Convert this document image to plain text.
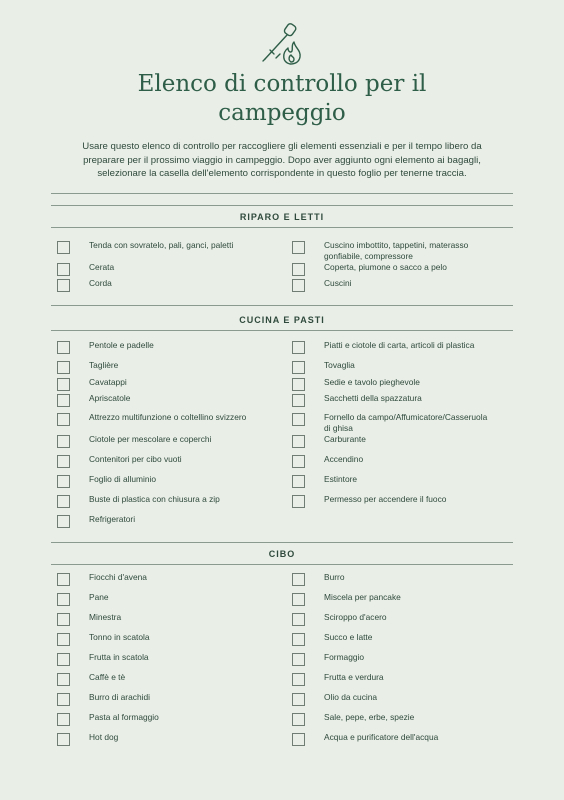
Elenco di controllo per il
campeggio

Usare questo elenco di controllo per raccogliere gli elementi essenziali e per il tempo libero da preparare per il prossimo viaggio in campeggio. Dopo aver aggiunto ogni elemento ai bagagli, selezionare la casella dell'elemento corrispondente in questo foglio per tenerne traccia.

RIPARO E LETTI
Tenda con sovratelo, pali, ganci, paletti
Cerata
Corda
Cuscino imbottito, tappetini, materasso gonfiabile, compressore
Coperta, piumone o sacco a pelo
Cuscini
CUCINA E PASTI
Pentole e padelle
Taglière
Cavatappi
Apriscatole
Attrezzo multifunzione o coltellino svizzero
Ciotole per mescolare e coperchi
Contenitori per cibo vuoti
Foglio di alluminio
Buste di plastica con chiusura a zip
Refrigeratori
Piatti e ciotole di carta, articoli di plastica
Tovaglia
Sedie e tavolo pieghevole
Sacchetti della spazzatura
Fornello da campo/Affumicatore/Casseruola di ghisa
Carburante
Accendino
Estintore
Permesso per accendere il fuoco
CIBO
Fiocchi d'avena
Pane
Minestra
Tonno in scatola
Frutta in scatola
Caffè e tè
Burro di arachidi
Pasta al formaggio
Hot dog
Burro
Miscela per pancake
Sciroppo d'acero
Succo e latte
Formaggio
Frutta e verdura
Olio da cucina
Sale, pepe, erbe, spezie
Acqua e purificatore dell'acqua
